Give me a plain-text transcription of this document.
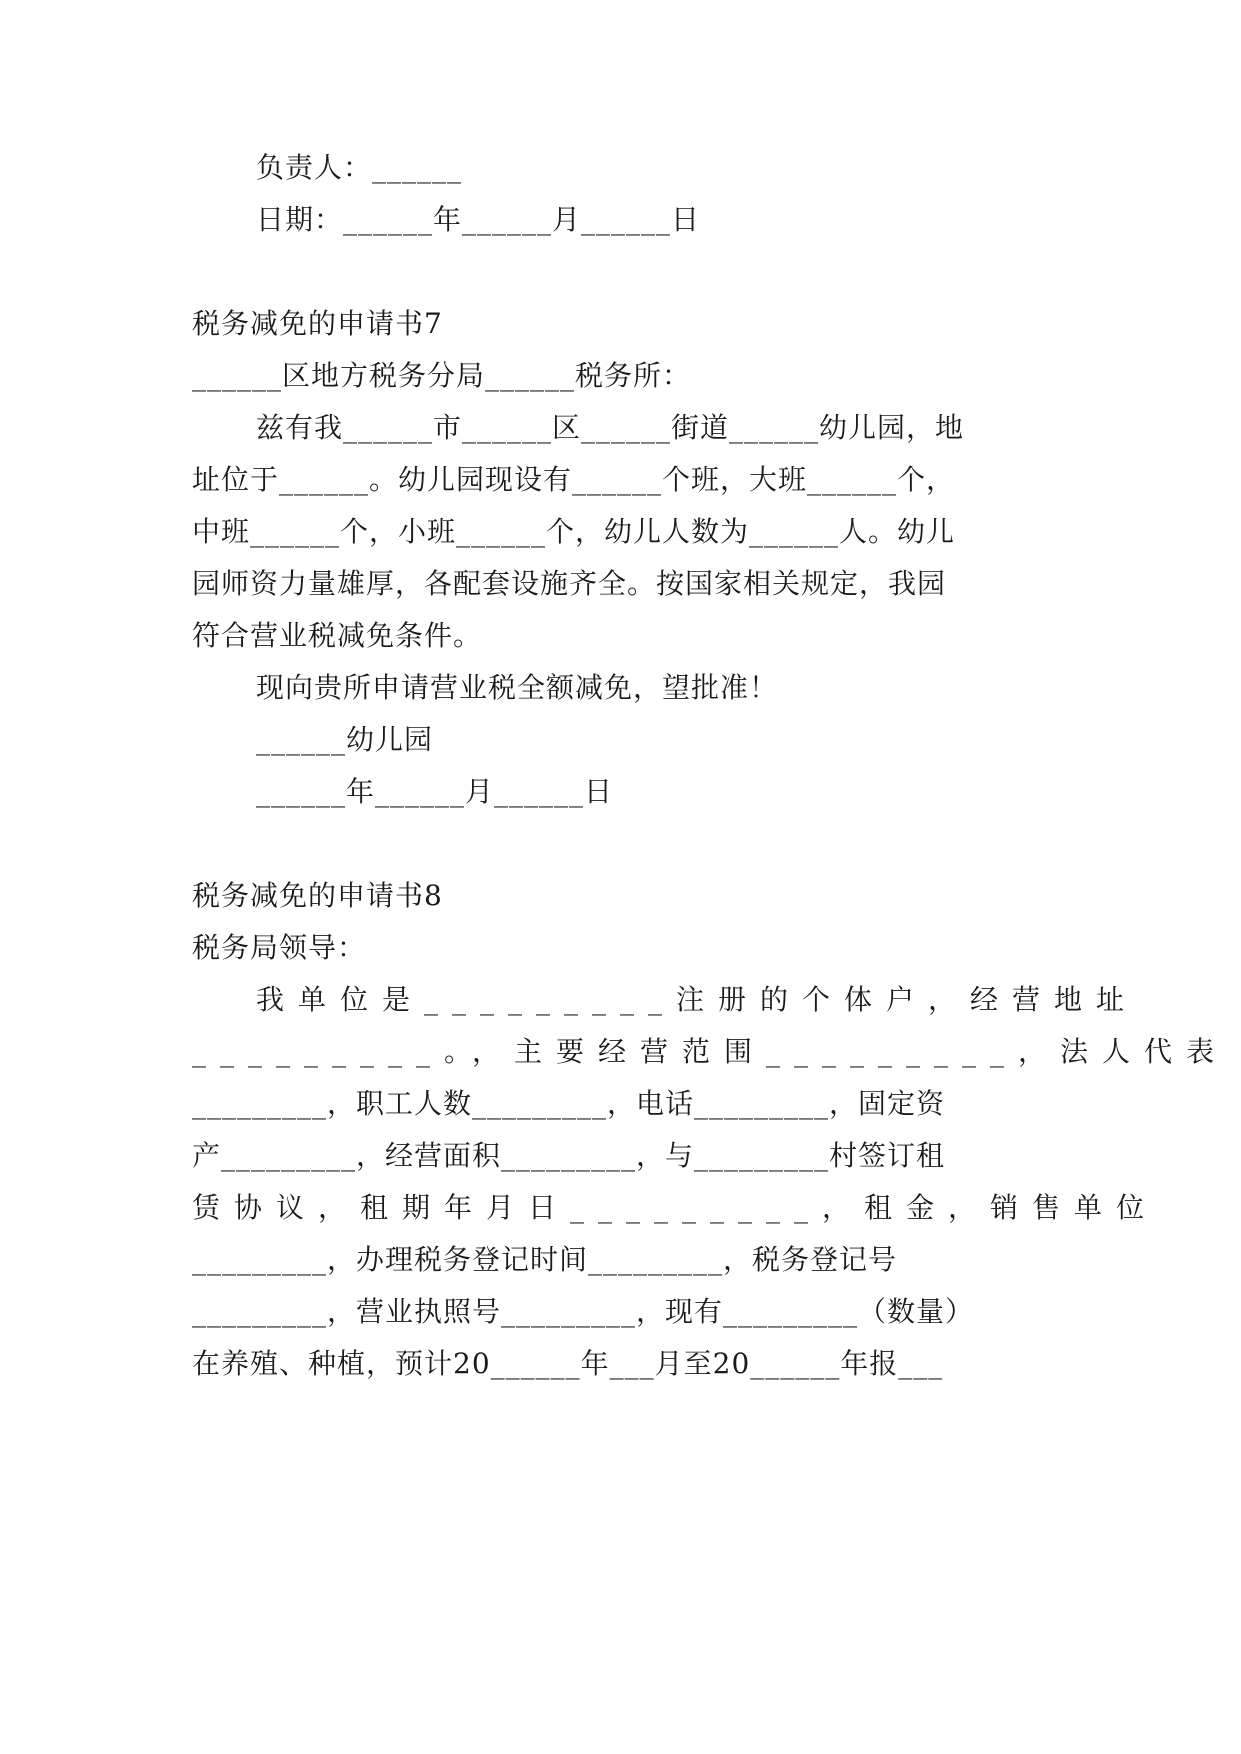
负责人：______
日期：______年______月______日
税务减免的申请书7
______区地方税务分局______税务所：
兹有我______市______区______街道______幼儿园，地
址位于______。幼儿园现设有______个班，大班______个，
中班______个，小班______个，幼儿人数为______人。幼儿
园师资力量雄厚，各配套设施齐全。按国家相关规定，我园
符合营业税减免条件。
现向贵所申请营业税全额减免，望批准！
______幼儿园
______年______月______日
税务减免的申请书8
税务局领导：
我单位是_________注册的个体户，经营地址
_________。，主要经营范围_________，法人代表
_________，职工人数_________，电话_________，固定资
产_________，经营面积_________，与_________村签订租
赁协议，租期年月日_________，租金，销售单位
_________，办理税务登记时间_________，税务登记号
_________，营业执照号_________，现有_________（数量）
在养殖、种植，预计20______年___月至20______年报___
